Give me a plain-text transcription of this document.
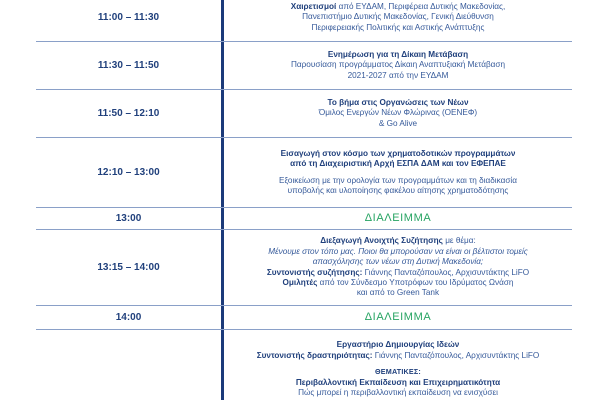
11:00 – 11:30
Χαιρετισμοί από ΕΥΔΑΜ, Περιφέρεια Δυτικής Μακεδονίας,
Πανεπιστήμιο Δυτικής Μακεδονίας, Γενική Διεύθυνση
Περιφερειακής Πολιτικής και Αστικής Ανάπτυξης
11:30 – 11:50
Ενημέρωση για τη Δίκαιη Μετάβαση
Παρουσίαση προγράμματος Δίκαιη Αναπτυξιακή Μετάβαση
2021-2027 από την ΕΥΔΑΜ
11:50 – 12:10
Το βήμα στις Οργανώσεις των Νέων
Όμιλος Ενεργών Νέων Φλώρινας (ΟΕΝΕΦ)
& Go Alive
12:10 – 13:00
Εισαγωγή στον κόσμο των χρηματοδοτικών προγραμμάτων
από τη Διαχειριστική Αρχή ΕΣΠΑ ΔΑΜ και τον ΕΦΕΠΑΕ
Εξοικείωση με την ορολογία των προγραμμάτων και τη διαδικασία
υποβολής και υλοποίησης φακέλου αίτησης χρηματοδότησης
13:00	ΔΙΑΛΕΙΜΜΑ
13:15 – 14:00
Διεξαγωγή Ανοιχτής Συζήτησης με θέμα:
Μένουμε στον τόπο μας. Ποιοι θα μπορούσαν να είναι οι βέλτιστοι τομείς
απασχόλησης των νέων στη Δυτική Μακεδονία;
Συντονιστής συζήτησης: Γιάννης Πανταζόπουλος, Αρχισυντάκτης LiFO
Ομιλητές από τον Σύνδεσμο Υποτρόφων του Ιδρύματος Ωνάση
και από το Green Tank
14:00	ΔΙΑΛΕΙΜΜΑ
Εργαστήριο Δημιουργίας Ιδεών
Συντονιστής δραστηριότητας: Γιάννης Πανταζόπουλος, Αρχισυντάκτης LiFO
ΘΕΜΑΤΙΚΕΣ:
Περιβαλλοντική Εκπαίδευση και Επιχειρηματικότητα
Πώς μπορεί η περιβαλλοντική εκπαίδευση να ενισχύσει
